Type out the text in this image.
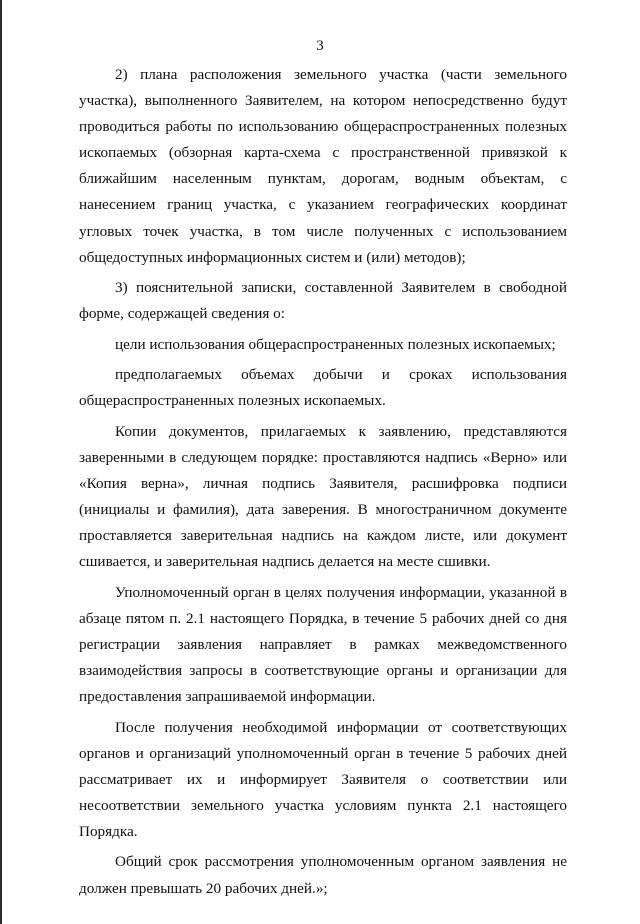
3

2) плана расположения земельного участка (части земельного участка), выполненного Заявителем, на котором непосредственно будут проводиться работы по использованию общераспространенных полезных ископаемых (обзорная карта-схема с пространственной привязкой к ближайшим населенным пунктам, дорогам, водным объектам, с нанесением границ участка, с указанием географических координат угловых точек участка, в том числе полученных с использованием общедоступных информационных систем и (или) методов);

3) пояснительной записки, составленной Заявителем в свободной форме, содержащей сведения о:

цели использования общераспространенных полезных ископаемых;

предполагаемых объемах добычи и сроках использования общераспространенных полезных ископаемых.

Копии документов, прилагаемых к заявлению, представляются заверенными в следующем порядке: проставляются надпись «Верно» или «Копия верна», личная подпись Заявителя, расшифровка подписи (инициалы и фамилия), дата заверения. В многостраничном документе проставляется заверительная надпись на каждом листе, или документ сшивается, и заверительная надпись делается на месте сшивки.

Уполномоченный орган в целях получения информации, указанной в абзаце пятом п. 2.1 настоящего Порядка, в течение 5 рабочих дней со дня регистрации заявления направляет в рамках межведомственного взаимодействия запросы в соответствующие органы и организации для предоставления запрашиваемой информации.

После получения необходимой информации от соответствующих органов и организаций уполномоченный орган в течение 5 рабочих дней рассматривает их и информирует Заявителя о соответствии или несоответствии земельного участка условиям пункта 2.1 настоящего Порядка.

Общий срок рассмотрения уполномоченным органом заявления не должен превышать 20 рабочих дней.»;
